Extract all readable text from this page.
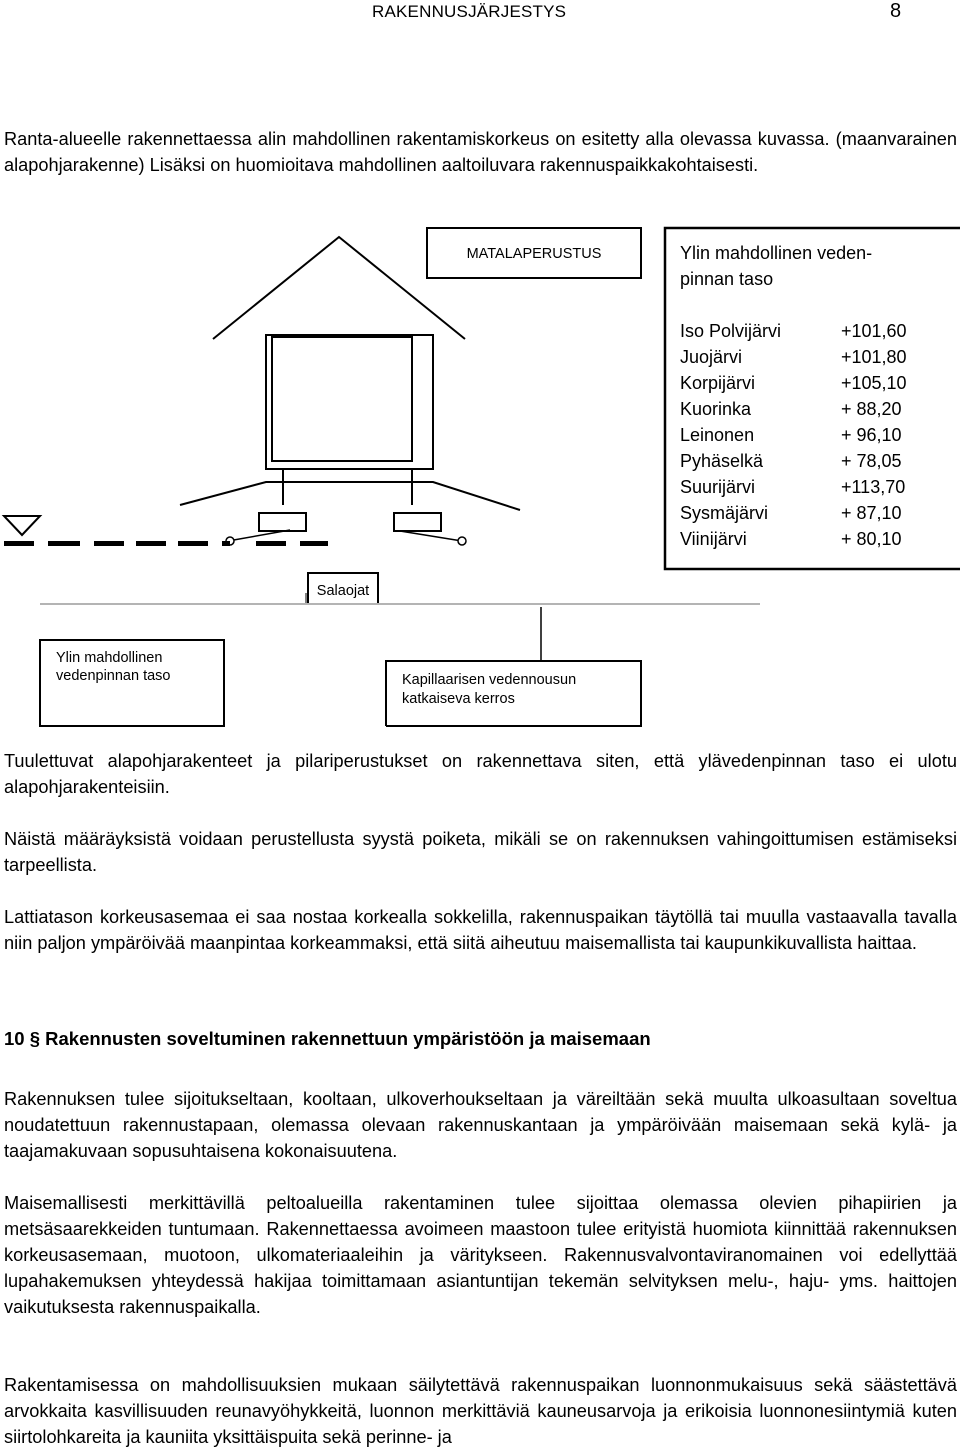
RAKENNUSJÄRJESTYS	8

Ranta-alueelle rakennettaessa alin mahdollinen rakentamiskorkeus on esitetty alla olevassa kuvassa. (maanvarainen alapohjarakenne) Lisäksi on huomioitava mahdollinen aaltoiluvara rakennuspaikkakohtaisesti.

MATALAPERUSTUS	Ylin mahdollinen veden-
pinnan taso
Iso Polvijärvi	+101,60
Juojärvi	+101,80
Korpijärvi	+105,10
Kuorinka	+ 88,20
Leinonen	+ 96,10
Pyhäselkä	+ 78,05
Suurijärvi	+113,70
Sysmäjärvi	+ 87,10
Viinijärvi	+ 80,10
Salaojat
Ylin mahdollinen
vedenpinnan taso	Kapillaarisen vedennousun
katkaiseva kerros

Tuulettuvat alapohjarakenteet ja pilariperustukset on rakennettava siten, että ylävedenpinnan taso ei ulotu alapohjarakenteisiin.

Näistä määräyksistä voidaan perustellusta syystä poiketa, mikäli se on rakennuksen vahingoittumisen estämiseksi tarpeellista.

Lattiatason korkeusasemaa ei saa nostaa korkealla sokkelilla, rakennuspaikan täytöllä tai muulla vastaavalla tavalla niin paljon ympäröivää maanpintaa korkeammaksi, että siitä aiheutuu maisemallista tai kaupunkikuvallista haittaa.

10 § Rakennusten soveltuminen rakennettuun ympäristöön ja maisemaan

Rakennuksen tulee sijoitukseltaan, kooltaan, ulkoverhoukseltaan ja väreiltään sekä muulta ulkoasultaan soveltua noudatettuun rakennustapaan, olemassa olevaan rakennuskantaan ja ympäröivään maisemaan sekä kylä- ja taajamakuvaan sopusuhtaisena kokonaisuutena.

Maisemallisesti merkittävillä peltoalueilla rakentaminen tulee sijoittaa olemassa olevien pihapiirien ja metsäsaarekkeiden tuntumaan. Rakennettaessa avoimeen maastoon tulee erityistä huomiota kiinnittää rakennuksen korkeusasemaan, muotoon, ulkomateriaaleihin ja väritykseen. Rakennusvalvontaviranomainen voi edellyttää lupahakemuksen yhteydessä hakijaa toimittamaan asiantuntijan tekemän selvityksen melu-, haju- yms. haittojen vaikutuksesta rakennuspaikalla.

Rakentamisessa on mahdollisuuksien mukaan säilytettävä rakennuspaikan luonnonmukaisuus sekä säästettävä arvokkaita kasvillisuuden reunavyöhykkeitä, luonnon merkittäviä kauneusarvoja ja erikoisia luonnonesiintymiä kuten siirtolohkareita ja kauniita yksittäispuita sekä perinne- ja
